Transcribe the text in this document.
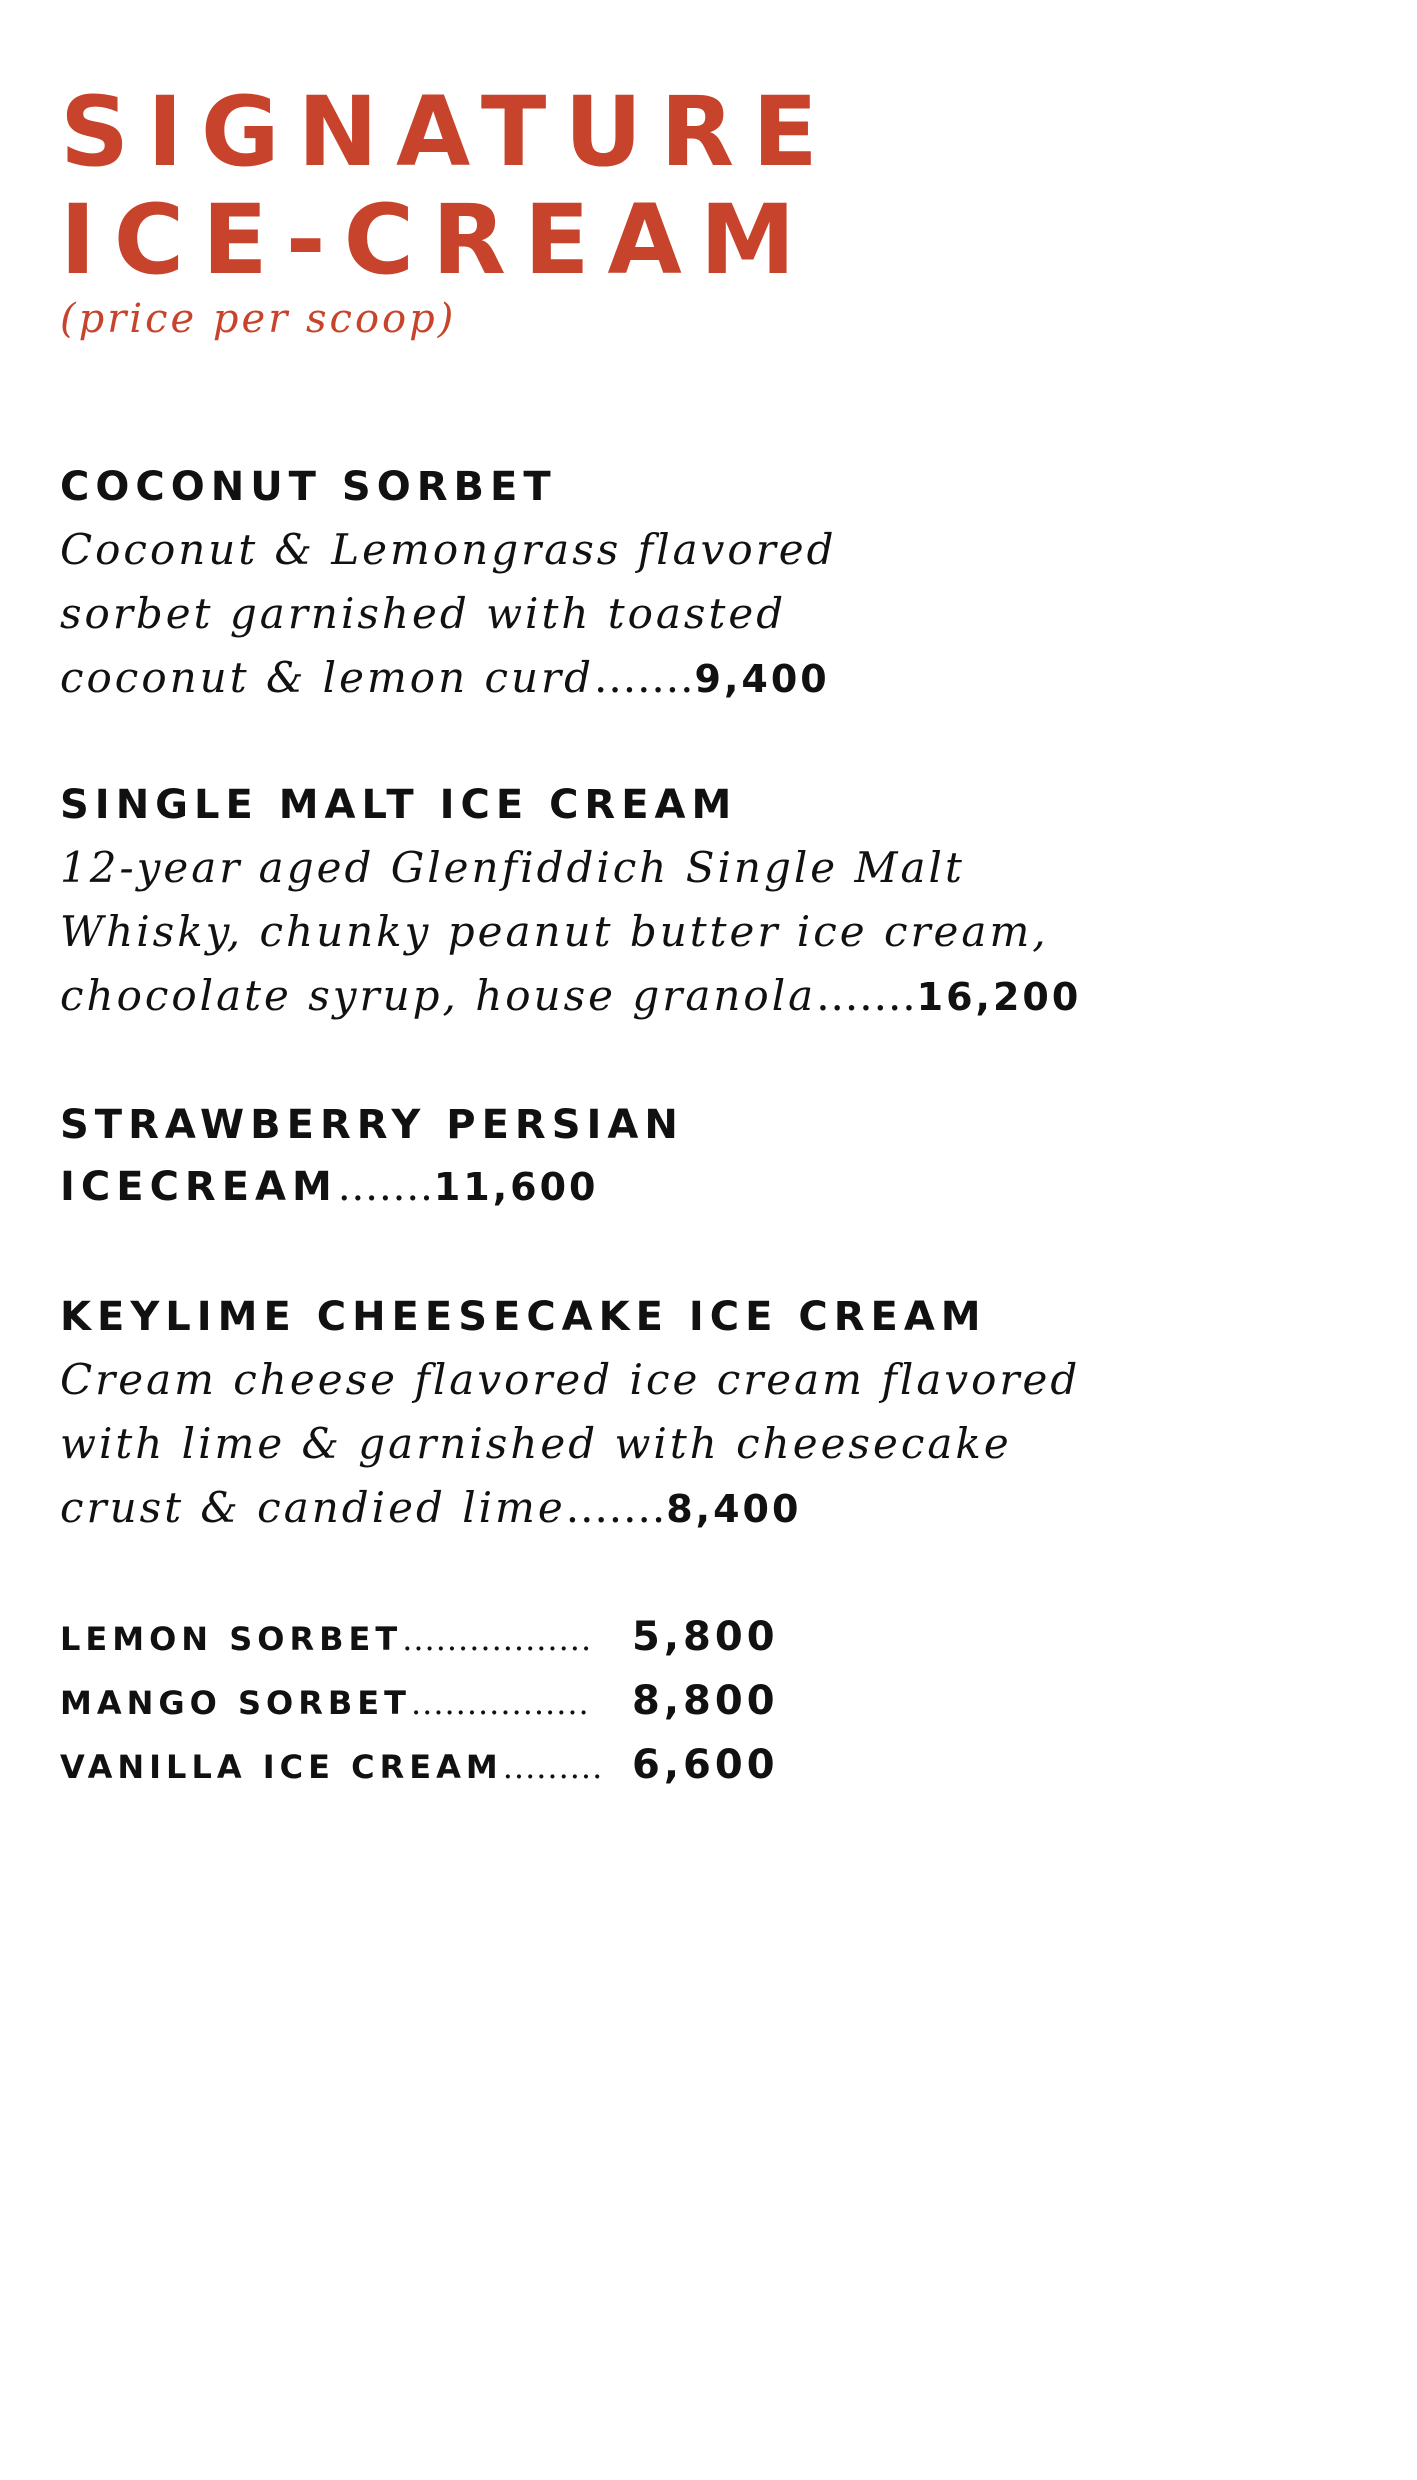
SIGNATURE
ICE-CREAM
(price per scoop)
COCONUT SORBET
Coconut & Lemongrass flavored
sorbet garnished with toasted
coconut & lemon curd.......9,400
SINGLE MALT ICE CREAM
12-year aged Glenfiddich Single Malt
Whisky, chunky peanut butter ice cream,
chocolate syrup, house granola.......16,200
STRAWBERRY PERSIAN
ICECREAM.......11,600
KEYLIME CHEESECAKE ICE CREAM
Cream cheese flavored ice cream flavored
with lime & garnished with cheesecake
crust & candied lime.......8,400
LEMON SORBET................. 5,800
MANGO SORBET................ 8,800
VANILLA ICE CREAM......... 6,600
